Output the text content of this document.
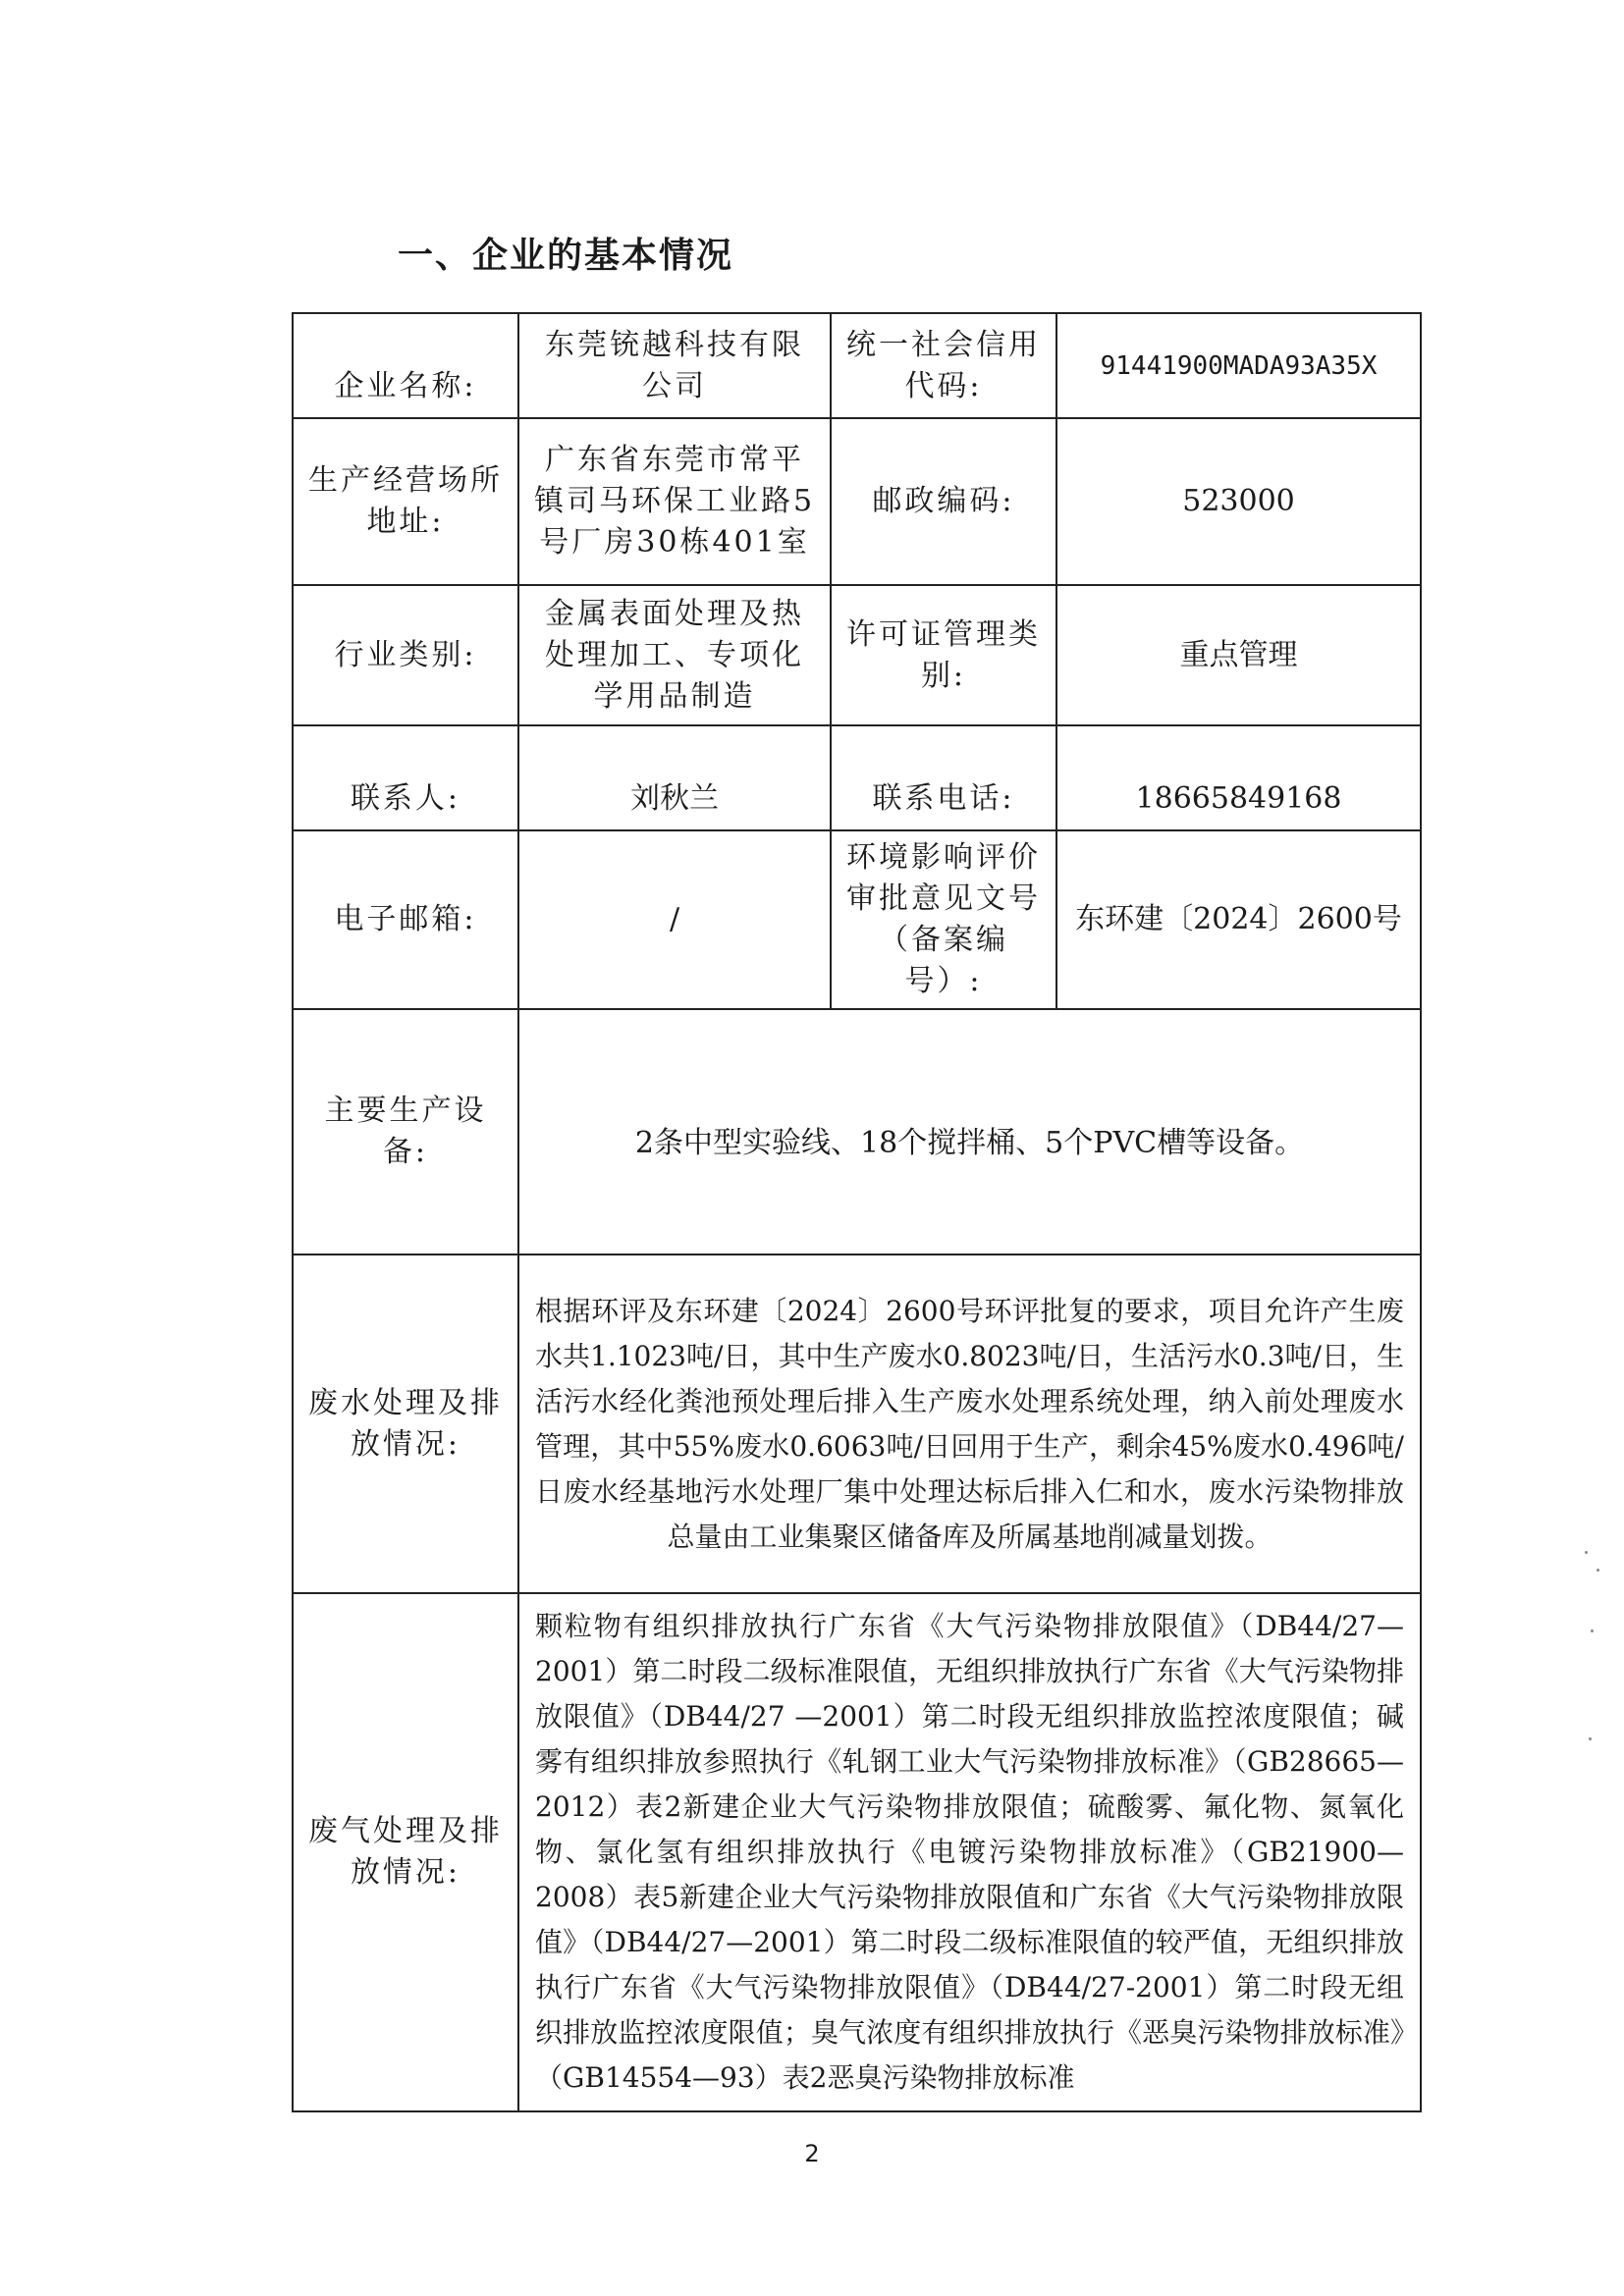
一、企业的基本情况
企业名称:	东莞铳越科技有限公司	统一社会信用代码:	91441900MADA93A35X
生产经营场所地址:	广东省东莞市常平镇司马环保工业路5号厂房30栋401室	邮政编码:	523000
行业类别:	金属表面处理及热处理加工、专项化学用品制造	许可证管理类别:	重点管理
联系人:	刘秋兰	联系电话:	18665849168
电子邮箱:	/	环境影响评价审批意见文号（备案编号）:	东环建〔2024〕2600号
主要生产设备:	2条中型实验线、18个搅拌桶、5个PVC槽等设备。		
废水处理及排放情况:	根据环评及东环建〔2024〕2600号环评批复的要求，项目允许产生废水共1.1023吨/日，其中生产废水0.8023吨/日，生活污水0.3吨/日，生活污水经化粪池预处理后排入生产废水处理系统处理，纳入前处理废水管理，其中55%废水0.6063吨/日回用于生产，剩余45%废水0.496吨/日废水经基地污水处理厂集中处理达标后排入仁和水，废水污染物排放总量由工业集聚区储备库及所属基地削减量划拨。		
废气处理及排放情况:	颗粒物有组织排放执行广东省《大气污染物排放限值》（DB44/27—2001）第二时段二级标准限值，无组织排放执行广东省《大气污染物排放限值》（DB44/27 —2001）第二时段无组织排放监控浓度限值；碱雾有组织排放参照执行《轧钢工业大气污染物排放标准》（GB28665—2012）表2新建企业大气污染物排放限值；硫酸雾、氟化物、氮氧化物、氯化氢有组织排放执行《电镀污染物排放标准》（GB21900—2008）表5新建企业大气污染物排放限值和广东省《大气污染物排放限值》（DB44/27—2001）第二时段二级标准限值的较严值，无组织排放执行广东省《大气污染物排放限值》（DB44/27-2001）第二时段无组织排放监控浓度限值；臭气浓度有组织排放执行《恶臭污染物排放标准》（GB14554—93）表2恶臭污染物排放标准		
2
